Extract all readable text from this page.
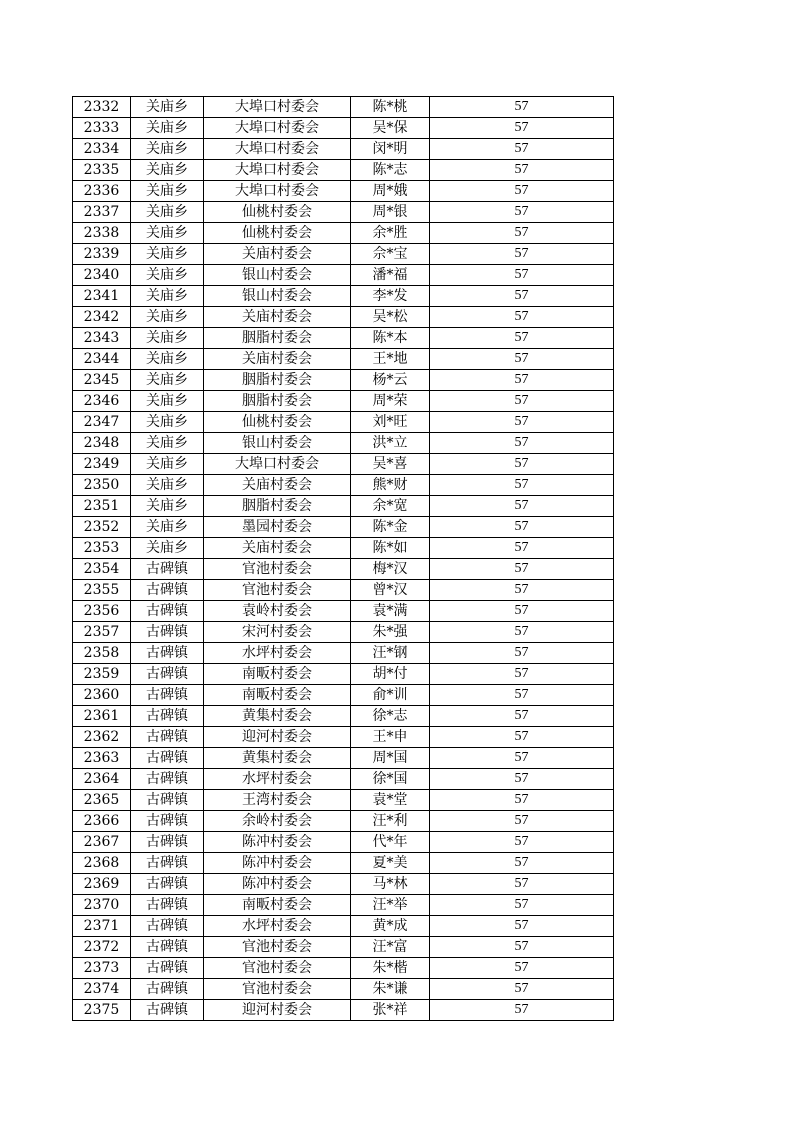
2332	关庙乡	大埠口村委会	陈*桃	57
2333	关庙乡	大埠口村委会	吴*保	57
2334	关庙乡	大埠口村委会	闵*明	57
2335	关庙乡	大埠口村委会	陈*志	57
2336	关庙乡	大埠口村委会	周*娥	57
2337	关庙乡	仙桃村委会	周*银	57
2338	关庙乡	仙桃村委会	余*胜	57
2339	关庙乡	关庙村委会	佘*宝	57
2340	关庙乡	银山村委会	潘*福	57
2341	关庙乡	银山村委会	李*发	57
2342	关庙乡	关庙村委会	吴*松	57
2343	关庙乡	胭脂村委会	陈*本	57
2344	关庙乡	关庙村委会	王*地	57
2345	关庙乡	胭脂村委会	杨*云	57
2346	关庙乡	胭脂村委会	周*荣	57
2347	关庙乡	仙桃村委会	刘*旺	57
2348	关庙乡	银山村委会	洪*立	57
2349	关庙乡	大埠口村委会	吴*喜	57
2350	关庙乡	关庙村委会	熊*财	57
2351	关庙乡	胭脂村委会	余*宽	57
2352	关庙乡	墨园村委会	陈*金	57
2353	关庙乡	关庙村委会	陈*如	57
2354	古碑镇	官池村委会	梅*汉	57
2355	古碑镇	官池村委会	曾*汉	57
2356	古碑镇	袁岭村委会	袁*满	57
2357	古碑镇	宋河村委会	朱*强	57
2358	古碑镇	水坪村委会	汪*钢	57
2359	古碑镇	南畈村委会	胡*付	57
2360	古碑镇	南畈村委会	俞*训	57
2361	古碑镇	黄集村委会	徐*志	57
2362	古碑镇	迎河村委会	王*申	57
2363	古碑镇	黄集村委会	周*国	57
2364	古碑镇	水坪村委会	徐*国	57
2365	古碑镇	王湾村委会	袁*堂	57
2366	古碑镇	余岭村委会	汪*利	57
2367	古碑镇	陈冲村委会	代*年	57
2368	古碑镇	陈冲村委会	夏*美	57
2369	古碑镇	陈冲村委会	马*林	57
2370	古碑镇	南畈村委会	汪*举	57
2371	古碑镇	水坪村委会	黄*成	57
2372	古碑镇	官池村委会	汪*富	57
2373	古碑镇	官池村委会	朱*楷	57
2374	古碑镇	官池村委会	朱*谦	57
2375	古碑镇	迎河村委会	张*祥	57
